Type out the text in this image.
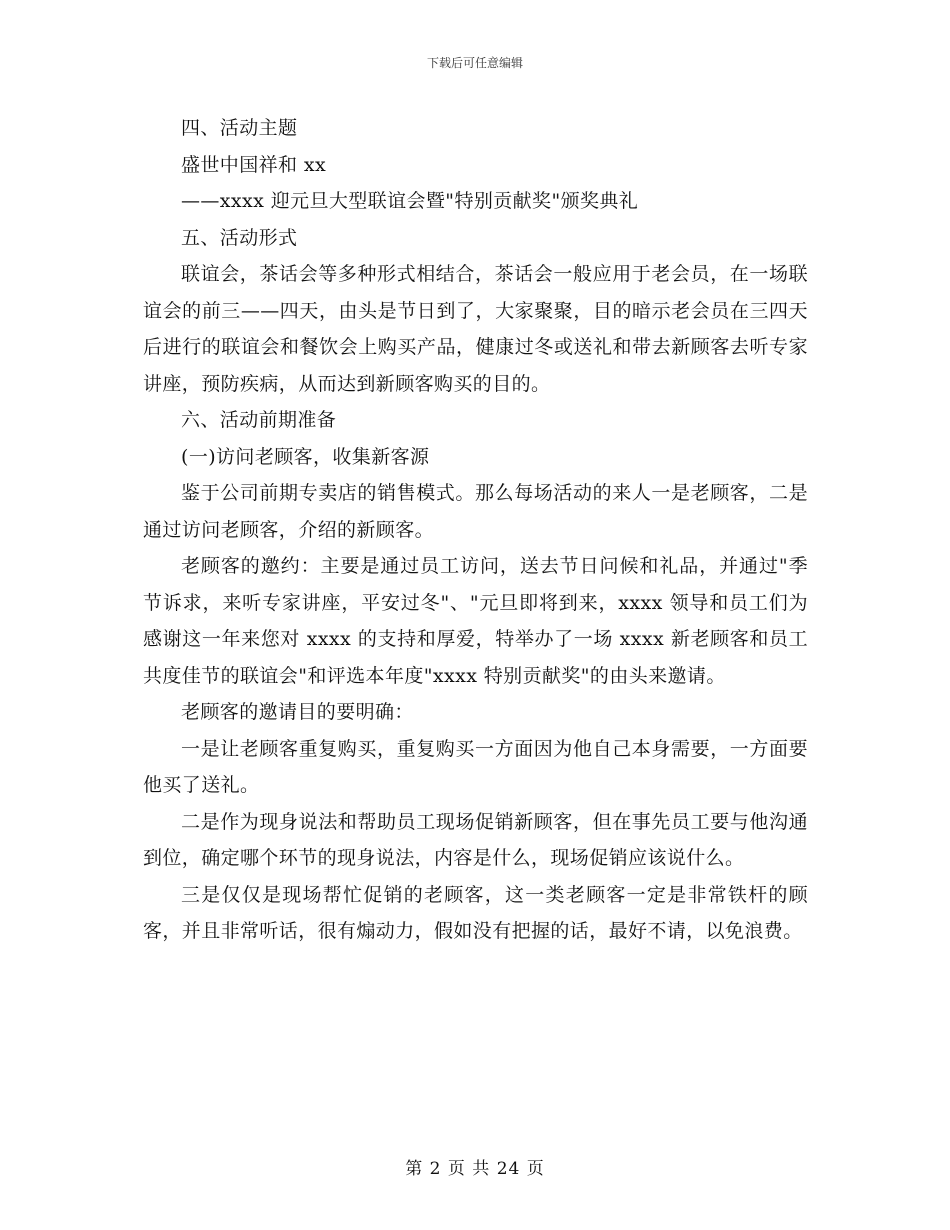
下载后可任意编辑

四、活动主题

盛世中国祥和 xx

——xxxx 迎元旦大型联谊会暨"特别贡献奖"颁奖典礼

五、活动形式

联谊会，茶话会等多种形式相结合，茶话会一般应用于老会员，在一场联谊会的前三——四天，由头是节日到了，大家聚聚，目的暗示老会员在三四天后进行的联谊会和餐饮会上购买产品，健康过冬或送礼和带去新顾客去听专家讲座，预防疾病，从而达到新顾客购买的目的。

六、活动前期准备

(一)访问老顾客，收集新客源

鉴于公司前期专卖店的销售模式。那么每场活动的来人一是老顾客，二是通过访问老顾客，介绍的新顾客。

老顾客的邀约：主要是通过员工访问，送去节日问候和礼品，并通过"季节诉求，来听专家讲座，平安过冬"、"元旦即将到来，xxxx 领导和员工们为感谢这一年来您对 xxxx 的支持和厚爱，特举办了一场 xxxx 新老顾客和员工共度佳节的联谊会"和评选本年度"xxxx 特别贡献奖"的由头来邀请。

老顾客的邀请目的要明确：

一是让老顾客重复购买，重复购买一方面因为他自己本身需要，一方面要他买了送礼。

二是作为现身说法和帮助员工现场促销新顾客，但在事先员工要与他沟通到位，确定哪个环节的现身说法，内容是什么，现场促销应该说什么。

三是仅仅是现场帮忙促销的老顾客，这一类老顾客一定是非常铁杆的顾客，并且非常听话，很有煽动力，假如没有把握的话，最好不请，以免浪费。

第 2 页 共 24 页
